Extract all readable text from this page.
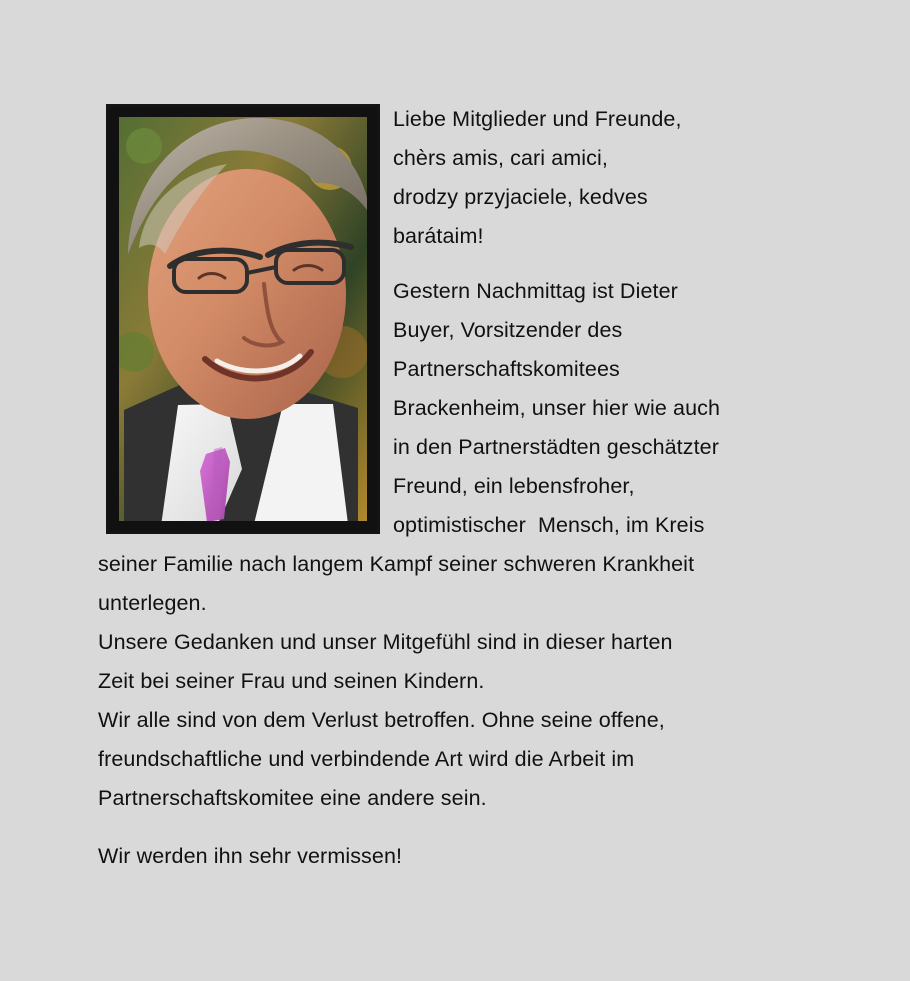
Liebe Mitglieder und Freunde,
chèrs amis, cari amici,
drodzy przyjaciele, kedves
barátaim!
Gestern Nachmittag ist Dieter
Buyer, Vorsitzender des
Partnerschaftskomitees
Brackenheim, unser hier wie auch
in den Partnerstädten geschätzter
Freund, ein lebensfroher,
optimistischer  Mensch, im Kreis
seiner Familie nach langem Kampf seiner schweren Krankheit
unterlegen.
Unsere Gedanken und unser Mitgefühl sind in dieser harten
Zeit bei seiner Frau und seinen Kindern.
Wir alle sind von dem Verlust betroffen. Ohne seine offene,
freundschaftliche und verbindende Art wird die Arbeit im
Partnerschaftskomitee eine andere sein.
Wir werden ihn sehr vermissen!
